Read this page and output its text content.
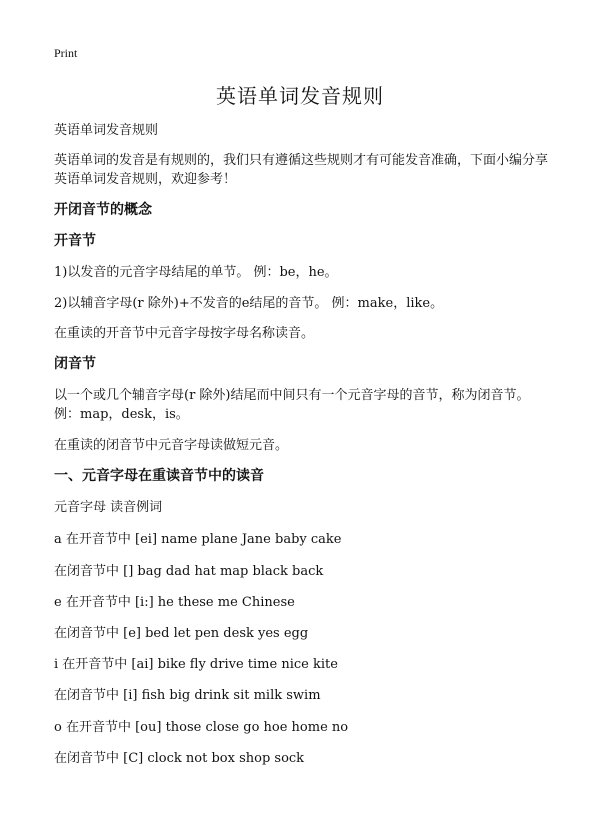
Print
英语单词发音规则

英语单词发音规则

英语单词的发音是有规则的，我们只有遵循这些规则才有可能发音准确，下面小编分享英语单词发音规则，欢迎参考！

开闭音节的概念

开音节

1)以发音的元音字母结尾的单节。 例：be，he。

2)以辅音字母(r 除外)+不发音的e结尾的音节。 例：make，like。

在重读的开音节中元音字母按字母名称读音。

闭音节

以一个或几个辅音字母(r 除外)结尾而中间只有一个元音字母的音节，称为闭音节。例：map，desk，is。

在重读的闭音节中元音字母读做短元音。

一、元音字母在重读音节中的读音

元音字母 读音例词

a 在开音节中 [ei] name plane Jane baby cake

在闭音节中 [] bag dad hat map black back

e 在开音节中 [i:] he these me Chinese

在闭音节中 [e] bed let pen desk yes egg

i 在开音节中 [ai] bike fly drive time nice kite

在闭音节中 [i] fish big drink sit milk swim

o 在开音节中 [ou] those close go hoe home no

在闭音节中 [C] clock not box shop sock
